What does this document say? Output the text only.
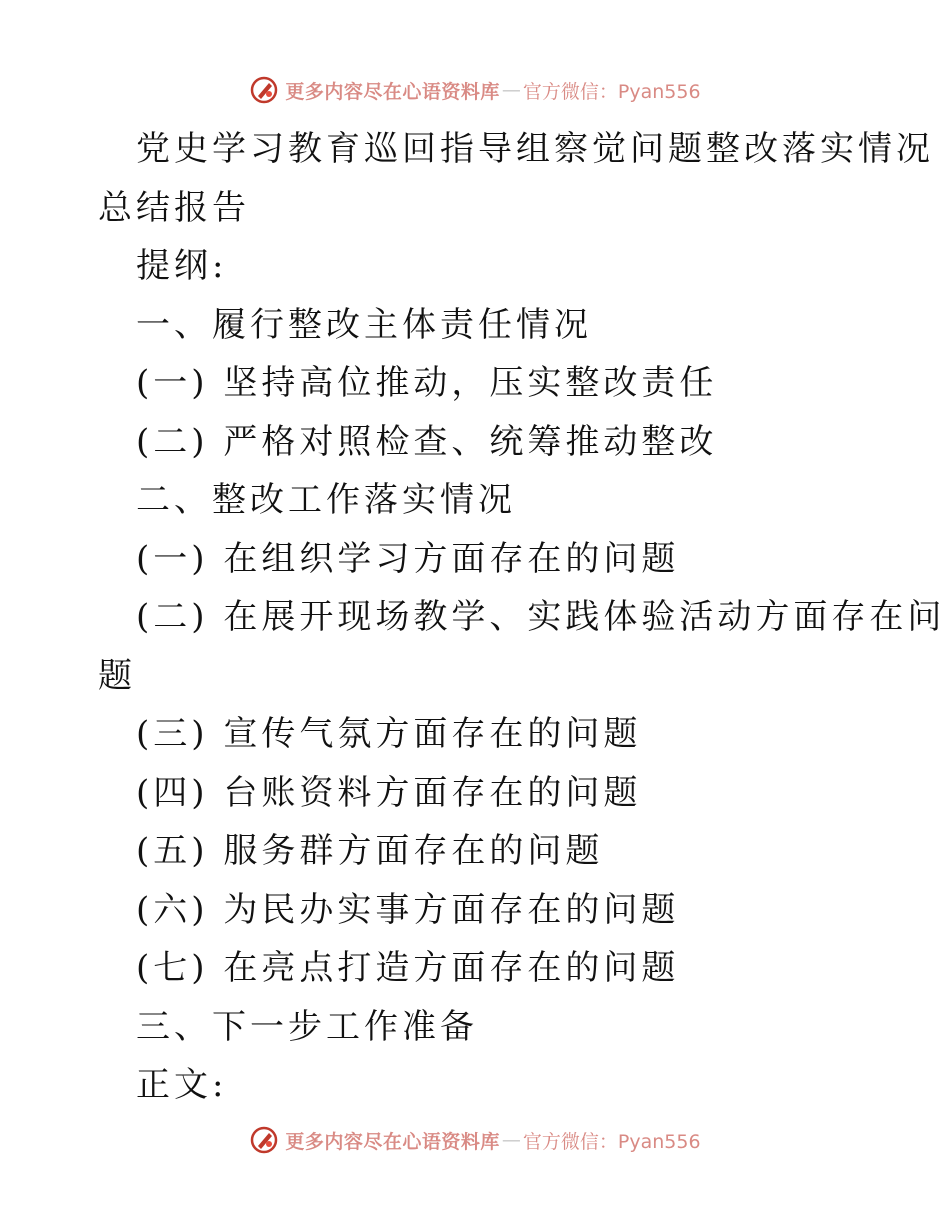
更多内容尽在心语资料库 — 官方微信：Pyan556

党史学习教育巡回指导组察觉问题整改落实情况

总结报告

提纲:

一、履行整改主体责任情况

(一) 坚持高位推动，压实整改责任

(二) 严格对照检查、统筹推动整改

二、整改工作落实情况

(一) 在组织学习方面存在的问题

(二) 在展开现场教学、实践体验活动方面存在问

题

(三) 宣传气氛方面存在的问题

(四) 台账资料方面存在的问题

(五) 服务群方面存在的问题

(六) 为民办实事方面存在的问题

(七) 在亮点打造方面存在的问题

三、下一步工作准备

正文:

更多内容尽在心语资料库 — 官方微信：Pyan556
